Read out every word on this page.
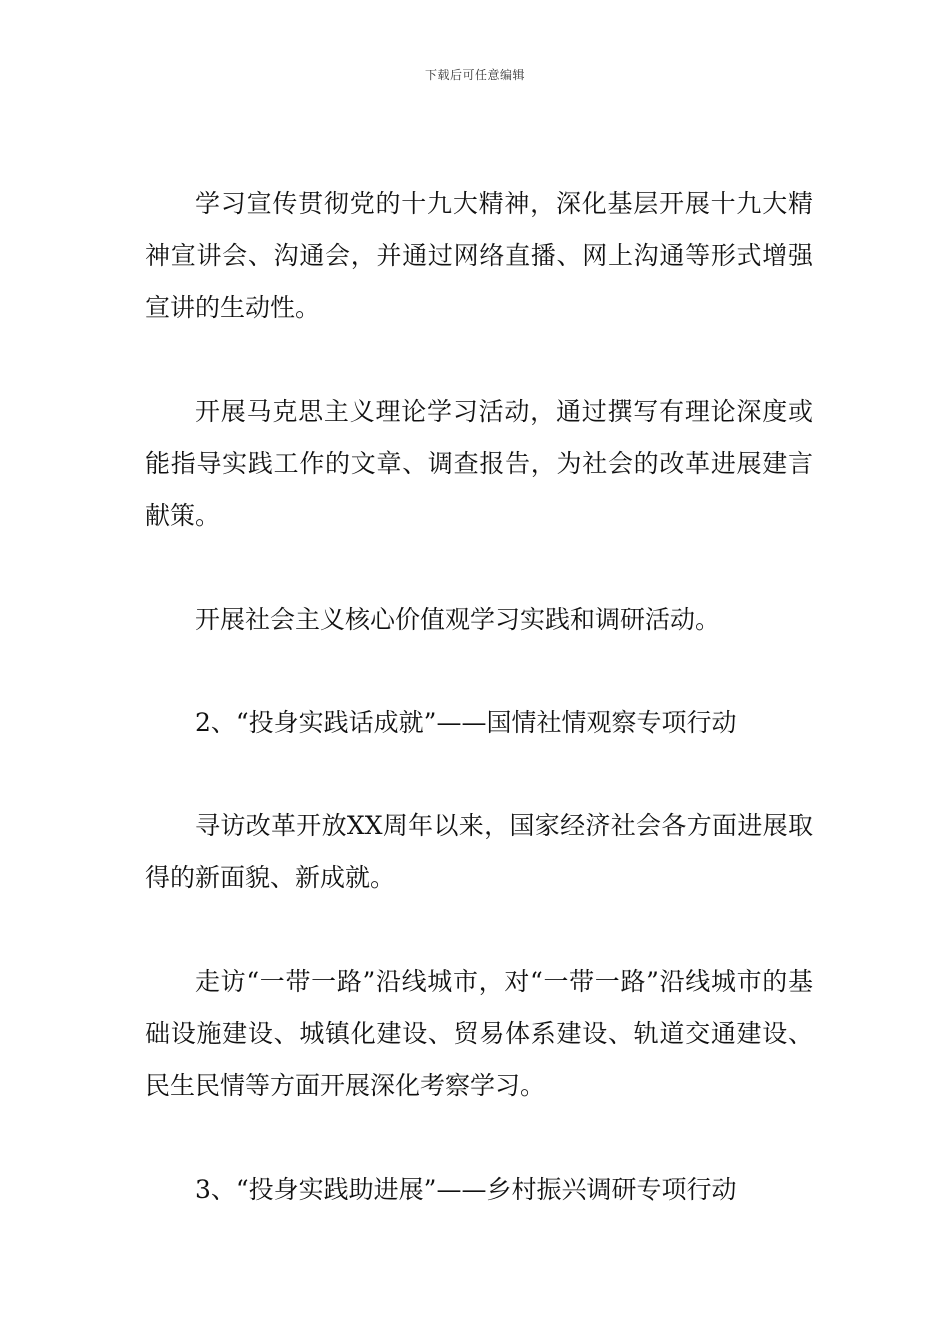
下载后可任意编辑

学习宣传贯彻党的十九大精神，深化基层开展十九大精神宣讲会、沟通会，并通过网络直播、网上沟通等形式增强宣讲的生动性。

开展马克思主义理论学习活动，通过撰写有理论深度或能指导实践工作的文章、调查报告，为社会的改革进展建言献策。

开展社会主义核心价值观学习实践和调研活动。

2、“投身实践话成就”——国情社情观察专项行动

寻访改革开放XX周年以来，国家经济社会各方面进展取得的新面貌、新成就。

走访“一带一路”沿线城市，对“一带一路”沿线城市的基础设施建设、城镇化建设、贸易体系建设、轨道交通建设、民生民情等方面开展深化考察学习。

3、“投身实践助进展”——乡村振兴调研专项行动
